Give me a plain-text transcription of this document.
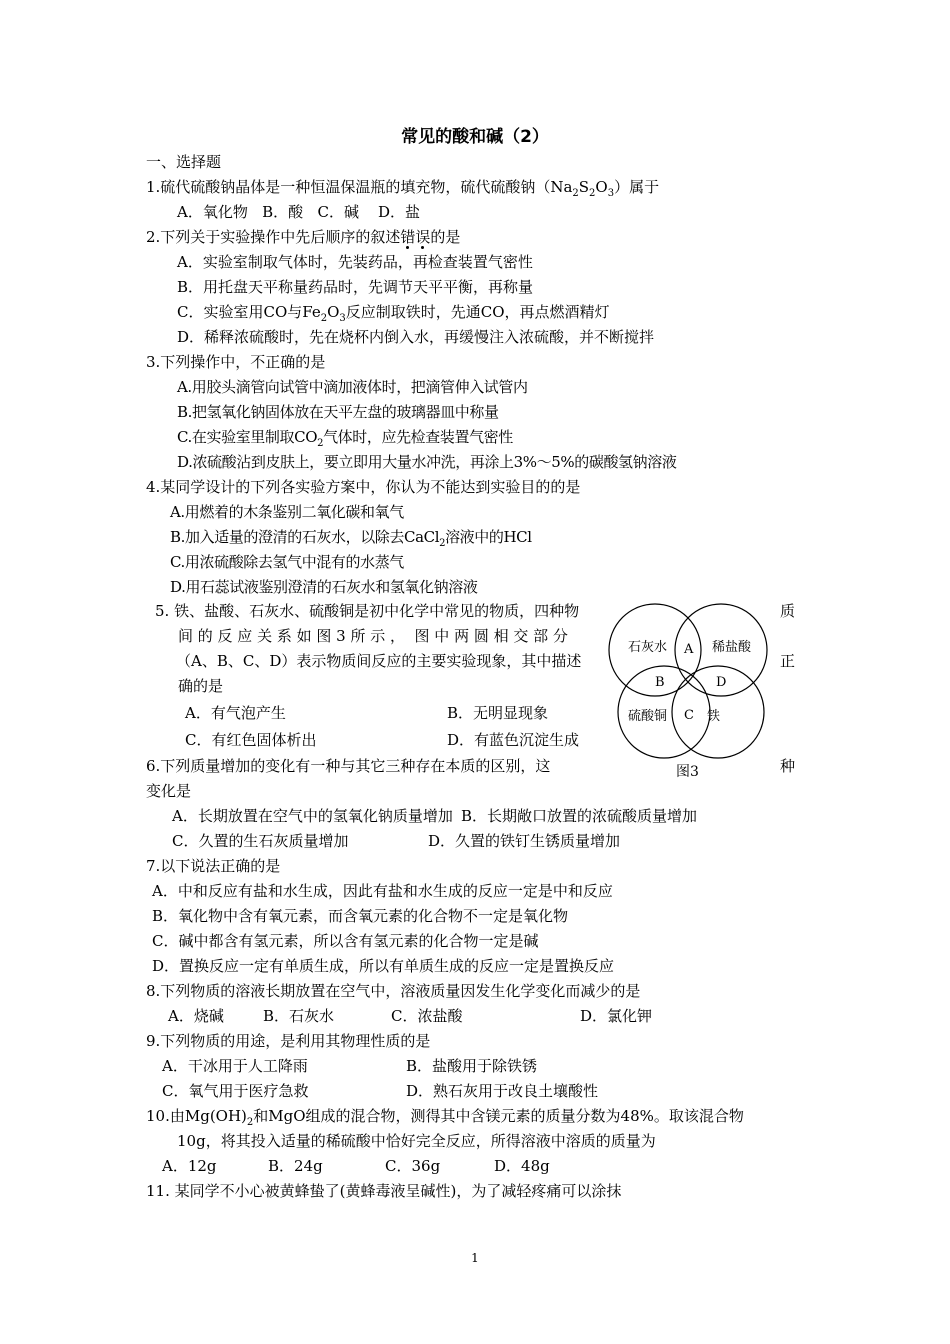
常见的酸和碱（2）
一、选择题
1.硫代硫酸钠晶体是一种恒温保温瓶的填充物，硫代硫酸钠$(Na_2S_2O_3)$属于
A．氧化物   B．酸   C．碱    D．盐
2.下列关于实验操作中先后顺序的叙述错误的是
A．实验室制取气体时，先装药品，再检查装置气密性
B．用托盘天平称量药品时，先调节天平平衡，再称量
C．实验室用CO与$Fe_2O_3$反应制取铁时，先通CO，再点燃酒精灯
D．稀释浓硫酸时，先在烧杯内倒入水，再缓慢注入浓硫酸，并不断搅拌
3.下列操作中，不正确的是
A.用胶头滴管向试管中滴加液体时，把滴管伸入试管内
B.把氢氧化钠固体放在天平左盘的玻璃器皿中称量
C.在实验室里制取$CO_2$气体时，应先检查装置气密性
D.浓硫酸沾到皮肤上，要立即用大量水冲洗，再涂上3%～5%的碳酸氢钠溶液
4.某同学设计的下列各实验方案中，你认为不能达到实验目的的是
A.用燃着的木条鉴别二氧化碳和氧气
B.加入适量的澄清的石灰水，以除去CaCl$_2$溶液中的HCl
C.用浓硫酸除去氢气中混有的水蒸气
D.用石蕊试液鉴别澄清的石灰水和氢氧化钠溶液
5. 铁、盐酸、石灰水、硫酸铜是初中化学中常见的物质，四种物	质
间 的 反 应 关 系 如 图 3 所 示 ，  图 中 两 圆 相 交 部 分
（A、B、C、D）表示物质间反应的主要实验现象，其中描述	正
确的是
A．有气泡产生	B．无明显现象
C．有红色固体析出	D．有蓝色沉淀生成
石灰水	稀盐酸
硫酸铜	铁
A
B
C
D
图3
6.下列质量增加的变化有一种与其它三种存在本质的区别，这	种
变化是
A．长期放置在空气中的氢氧化钠质量增加 B．长期敞口放置的浓硫酸质量增加
C．久置的生石灰质量增加	D．久置的铁钉生锈质量增加
7.以下说法正确的是
A．中和反应有盐和水生成，因此有盐和水生成的反应一定是中和反应
B．氧化物中含有氧元素，而含氧元素的化合物不一定是氧化物
C．碱中都含有氢元素，所以含有氢元素的化合物一定是碱
D．置换反应一定有单质生成，所以有单质生成的反应一定是置换反应
8.下列物质的溶液长期放置在空气中，溶液质量因发生化学变化而减少的是
A．烧碱	B．石灰水	C．浓盐酸	D．氯化钾
9.下列物质的用途，是利用其物理性质的是
A．干冰用于人工降雨	B．盐酸用于除铁锈
C．氧气用于医疗急救	D．熟石灰用于改良土壤酸性
10.由$Mg(OH)_2$和MgO组成的混合物，测得其中含镁元素的质量分数为48%。取该混合物
10g，将其投入适量的稀硫酸中恰好完全反应，所得溶液中溶质的质量为
A．12g	B．24g	C．36g	D．48g
11. 某同学不小心被黄蜂蛰了(黄蜂毒液呈碱性)，为了减轻疼痛可以涂抹
1
